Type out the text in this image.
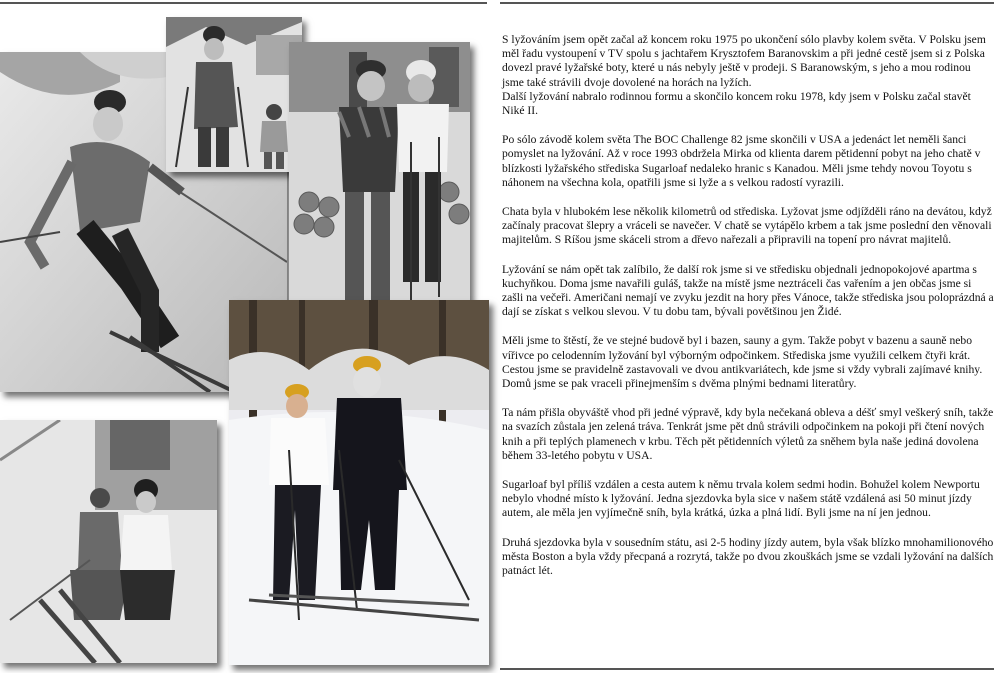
S lyžováním jsem opět začal až koncem roku 1975 po ukončení sólo plavby kolem světa. V Polsku jsem měl řadu vystoupení v TV spolu s jachtařem Krysztofem Baranovskim a při jedné cestě jsem si z Polska dovezl pravé lyžařské boty, které u nás nebyly ještě v prodeji. S Baranowským, s jeho a mou rodinou jsme také strávili dvoje dovolené na horách na lyžích.
Další lyžování nabralo rodinnou formu a skončilo koncem roku 1978, kdy jsem v Polsku začal stavět Niké II.

Po sólo závodě kolem světa The BOC Challenge 82 jsme skončili v USA a jedenáct let neměli šanci pomyslet na lyžování. Až v roce 1993 obdržela Mirka od klienta darem pětidenní pobyt na jeho chatě v blízkosti lyžařského střediska Sugarloaf nedaleko hranic s Kanadou. Měli jsme tehdy novou Toyotu s náhonem na všechna kola, opatřili jsme si lyže a s velkou radostí vyrazili.

Chata byla v hlubokém lese několik kilometrů od střediska. Lyžovat jsme odjížděli ráno na devátou, když začínaly pracovat šlepry a vráceli se navečer. V chatě se vytápělo krbem a tak jsme poslední den věnovali majitelům. S Ríšou jsme skáceli strom a dřevo nařezali a připravili na topení pro návrat majitelů.

Lyžování se nám opět tak zalíbilo, že další rok jsme si ve středisku objednali jednopokojové apartma s kuchyňkou. Doma jsme navařili guláš, takže na místě jsme neztráceli čas vařením a jen občas jsme si zašli na večeři. Američani nemají ve zvyku jezdit na hory přes Vánoce, takže střediska jsou poloprázdná a dají se získat s velkou slevou. V tu dobu tam, bývali povětšinou jen Židé.

Měli jsme to štěstí, že ve stejné budově byl i bazen, sauny a gym. Takže pobyt v bazenu a sauně nebo vířivce po celodenním lyžování byl výborným odpočinkem. Střediska jsme využili celkem čtyři krát. Cestou jsme se pravidelně zastavovali ve dvou antikvariátech, kde jsme si vždy vybrali zajímavé knihy. Domů jsme se pak vraceli přinejmenším s dvěma plnými bednami literatůry.

Ta nám přišla obyváště vhod při jedné výpravě, kdy byla nečekaná obleva a déšť smyl veškerý sníh, takže na svazích zůstala jen zelená tráva. Tenkrát jsme pět dnů strávili odpočinkem na pokoji při čtení nových knih a při teplých plamenech v krbu. Těch pět pětidenních výletů za sněhem byla naše jediná dovolena během 33-letého pobytu v USA.

Sugarloaf byl příliš vzdálen a cesta autem k němu trvala kolem sedmi hodin. Bohužel kolem Newportu nebylo vhodné místo k lyžování. Jedna sjezdovka byla sice v našem státě vzdálená asi 50 minut jízdy autem, ale měla jen vyjímečně sníh, byla krátká, úzka a plná lidí. Byli jsme na ní jen jednou.

Druhá sjezdovka byla v sousedním státu, asi 2-5 hodiny jízdy autem, byla však blízko mnohamilionového města Boston a byla vždy přecpaná a rozrytá, takže po dvou zkouškách jsme se vzdali lyžování na dalších patnáct lét.
